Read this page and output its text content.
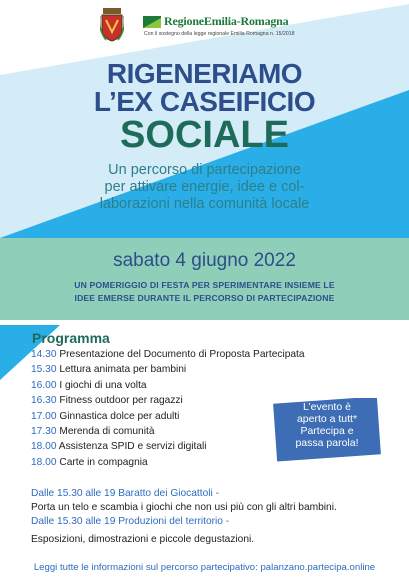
RegioneEmilia-Romagna
Con il sostegno della legge regionale Emilia Romagna n. 15/2018
RIGENERIAMO
L’EX CASEIFICIO
SOCIALE
Un percorso di partecipazione
per attivare energie, idee e col-
laborazioni nella comunità locale
sabato 4 giugno 2022
UN POMERIGGIO DI FESTA PER SPERIMENTARE INSIEME LE
IDEE EMERSE DURANTE IL PERCORSO DI PARTECIPAZIONE
Programma
14.30 Presentazione del Documento di Proposta Partecipata
15.30 Lettura animata per bambini
16.00 I giochi di una volta
16.30 Fitness outdoor per ragazzi
17.00 Ginnastica dolce per adulti
17.30 Merenda di comunità
18.00 Assistenza SPID e servizi digitali
18.00 Carte in compagnia
L’evento è
aperto a tutt*
Partecipa e
passa parola!
Dalle 15.30 alle 19 Baratto dei Giocattoli -
Porta un telo e scambia i giochi che non usi più con gli altri bambini.
Dalle 15.30 alle 19 Produzioni del territorio -
Esposizioni, dimostrazioni e piccole degustazioni.
Leggi tutte le informazioni sul percorso partecipativo: palanzano.partecipa.online
